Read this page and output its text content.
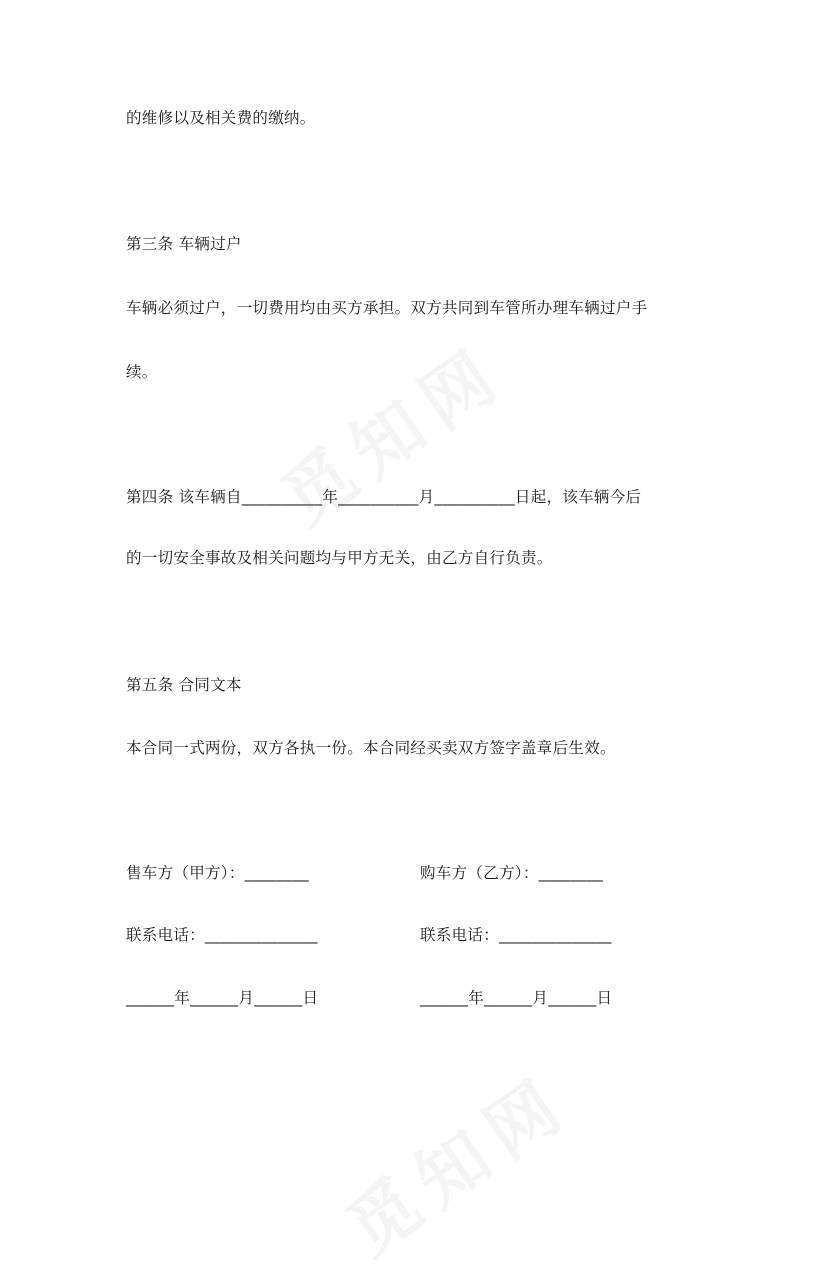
的维修以及相关费的缴纳。
第三条 车辆过户
车辆必须过户，一切费用均由买方承担。双方共同到车管所办理车辆过户手
续。
第四条 该车辆自__________年__________月__________日起，该车辆今后
的一切安全事故及相关问题均与甲方无关，由乙方自行负责。
第五条 合同文本
本合同一式两份，双方各执一份。本合同经买卖双方签字盖章后生效。
售车方（甲方）：________	购车方（乙方）：________
联系电话：______________	联系电话：______________
______年______月______日	______年______月______日
